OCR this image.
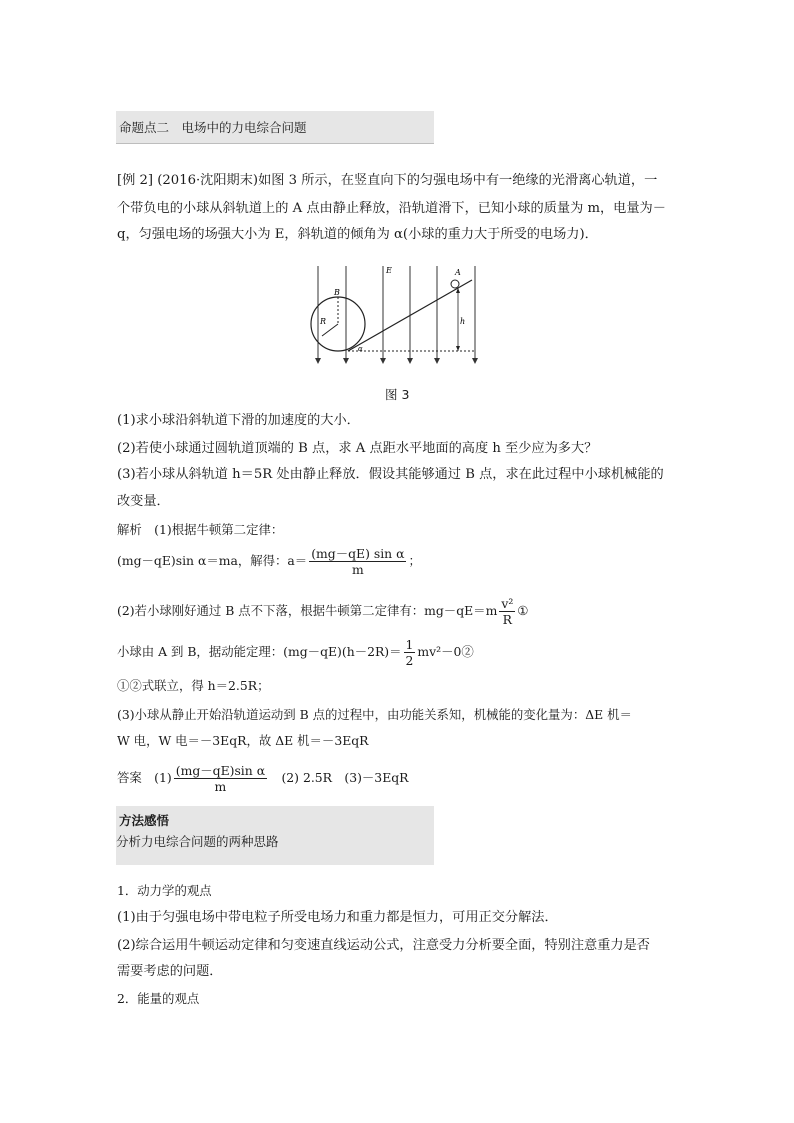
命题点二　电场中的力电综合问题
[例 2] (2016·沈阳期末)如图 3 所示，在竖直向下的匀强电场中有一绝缘的光滑离心轨道，一
个带负电的小球从斜轨道上的 A 点由静止释放，沿轨道滑下，已知小球的质量为 m，电量为－
q，匀强电场的场强大小为 E，斜轨道的倾角为 α(小球的重力大于所受的电场力)．
E	A
B
R	h
α
图 3
(1)求小球沿斜轨道下滑的加速度的大小．
(2)若使小球通过圆轨道顶端的 B 点，求 A 点距水平地面的高度 h 至少应为多大？
(3)若小球从斜轨道 h＝5R 处由静止释放．假设其能够通过 B 点，求在此过程中小球机械能的
改变量．
解析　(1)根据牛顿第二定律：
(mg－qE)sin α＝ma，解得：$a= \frac{\text{(mg－qE) sin α}}{m}$ ；
(2)若小球刚好通过 B 点不下落，根据牛顿第二定律有：$mg-qE=m \frac{\text{v²}}{R}$ ①
小球由 A 到 B，据动能定理：$(mg-qE)(h-2R)= \frac{1}{2}$ mv²－0②
①②式联立，得 h＝2.5R；
(3)小球从静止开始沿轨道运动到 B 点的过程中，由功能关系知，机械能的变化量为：ΔE 机＝
W 电，W 电＝－3EqR，故 ΔE 机＝－3EqR
答案　$(1) \frac{\text{(mg－qE)sin α}}{m}$ 　(2) 2.5R　(3)－3EqR
方法感悟
分析力电综合问题的两种思路
1．动力学的观点
(1)由于匀强电场中带电粒子所受电场力和重力都是恒力，可用正交分解法．
(2)综合运用牛顿运动定律和匀变速直线运动公式，注意受力分析要全面，特别注意重力是否
需要考虑的问题．
2．能量的观点
